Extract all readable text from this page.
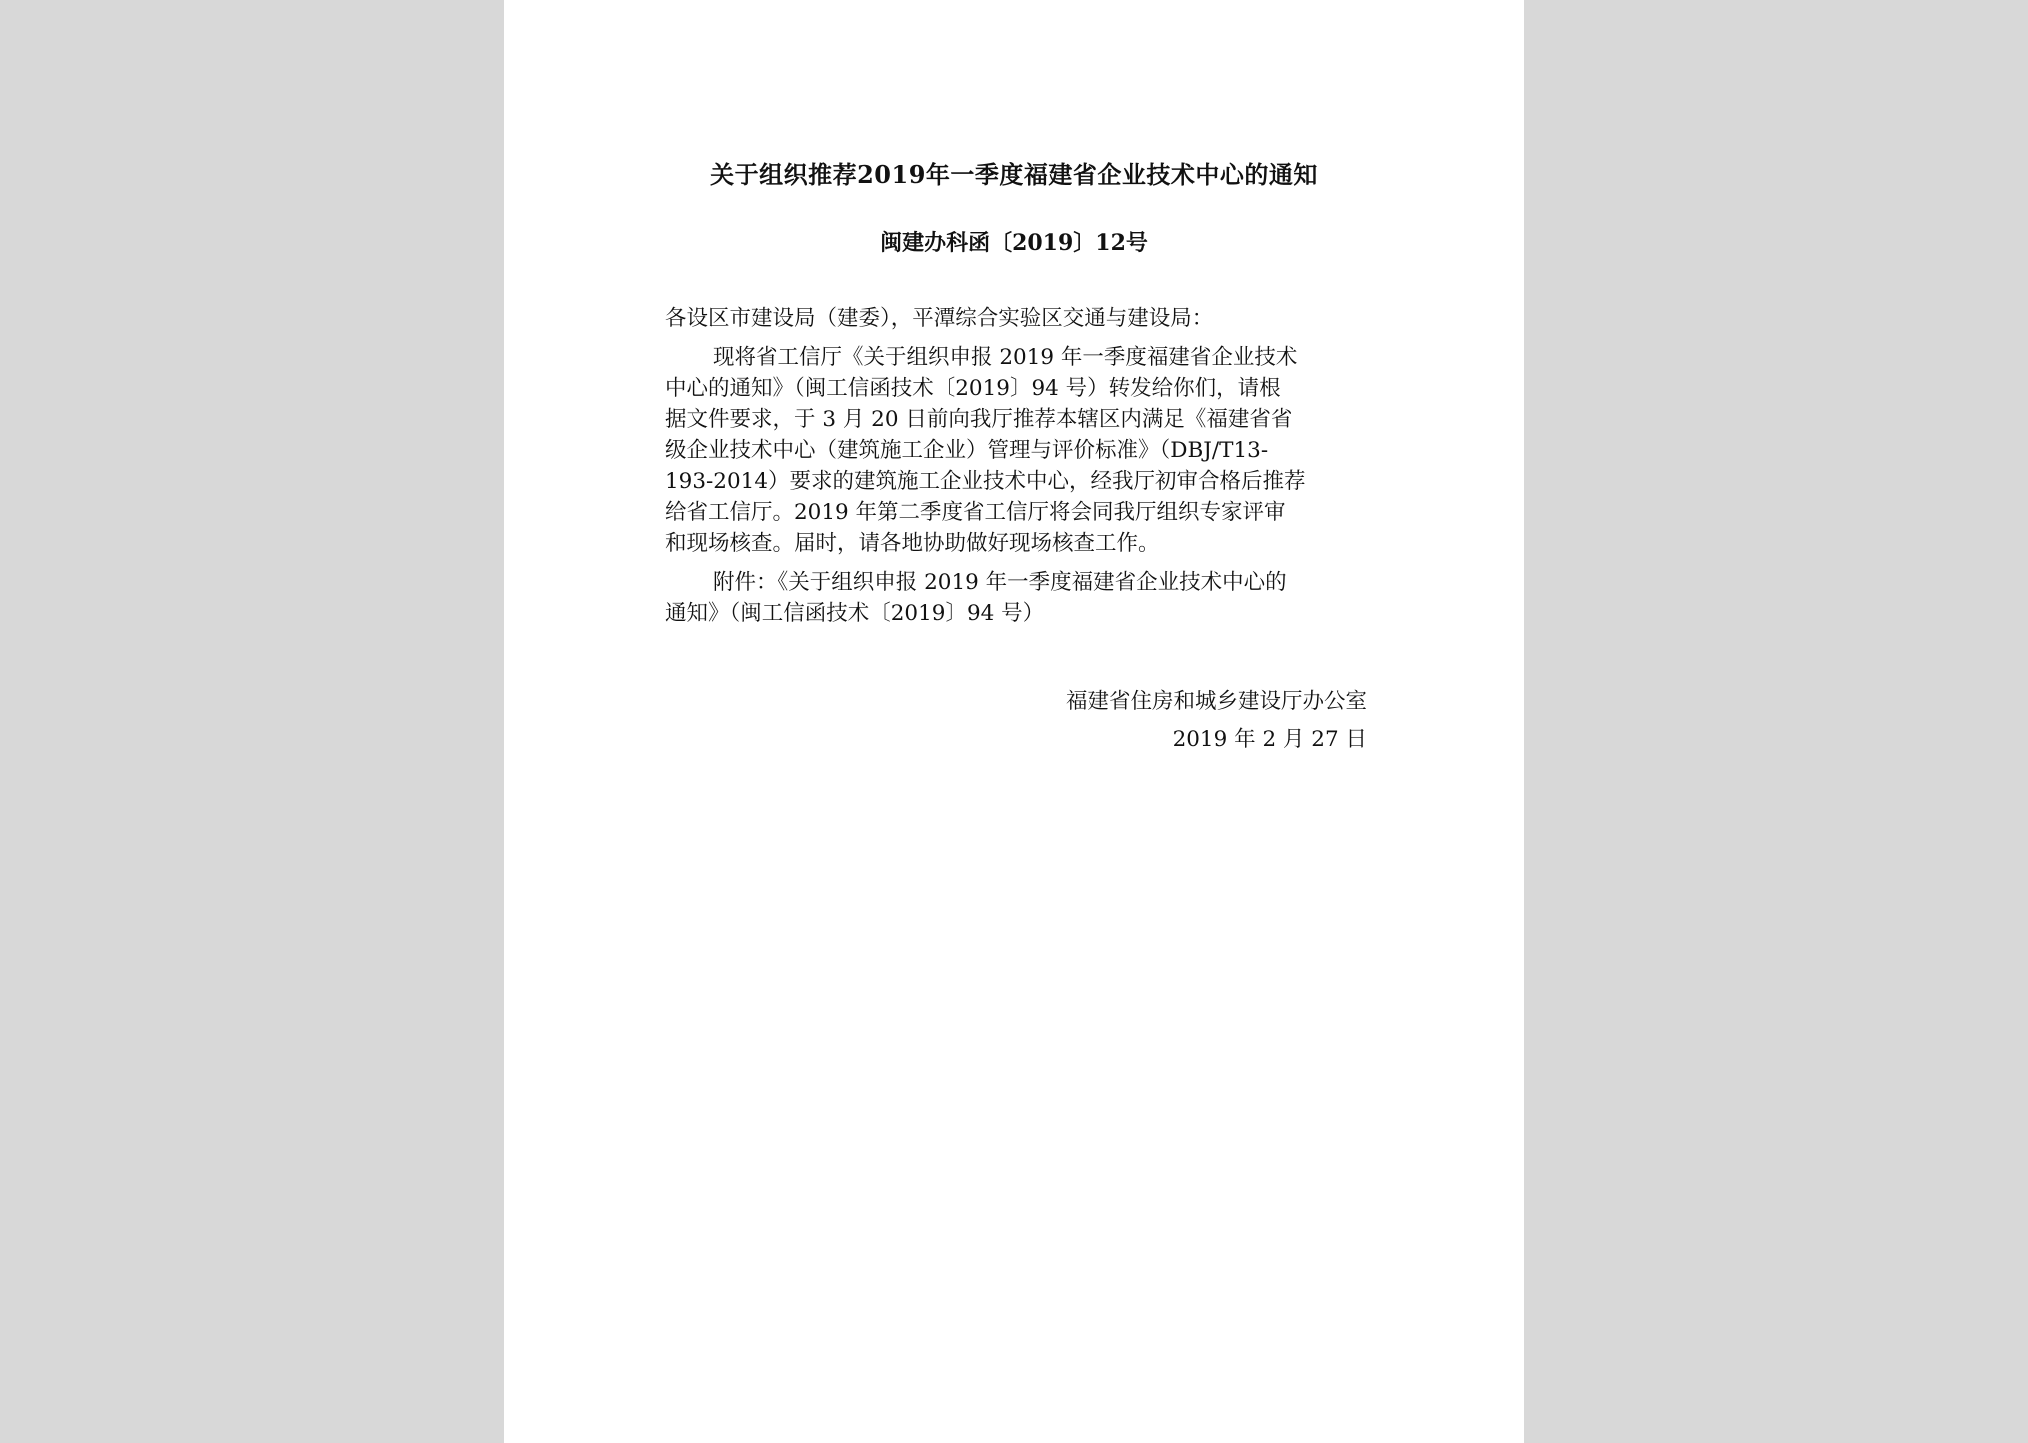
关于组织推荐2019年一季度福建省企业技术中心的通知
闽建办科函〔2019〕12号
各设区市建设局（建委），平潭综合实验区交通与建设局：
现将省工信厅《关于组织申报 2019 年一季度福建省企业技术
中心的通知》（闽工信函技术〔2019〕94 号）转发给你们，请根
据文件要求，于 3 月 20 日前向我厅推荐本辖区内满足《福建省省
级企业技术中心（建筑施工企业）管理与评价标准》（DBJ/T13-
193-2014）要求的建筑施工企业技术中心，经我厅初审合格后推荐
给省工信厅。2019 年第二季度省工信厅将会同我厅组织专家评审
和现场核查。届时，请各地协助做好现场核查工作。
附件：《关于组织申报 2019 年一季度福建省企业技术中心的
通知》（闽工信函技术〔2019〕94 号）
福建省住房和城乡建设厅办公室
2019 年 2 月 27 日
